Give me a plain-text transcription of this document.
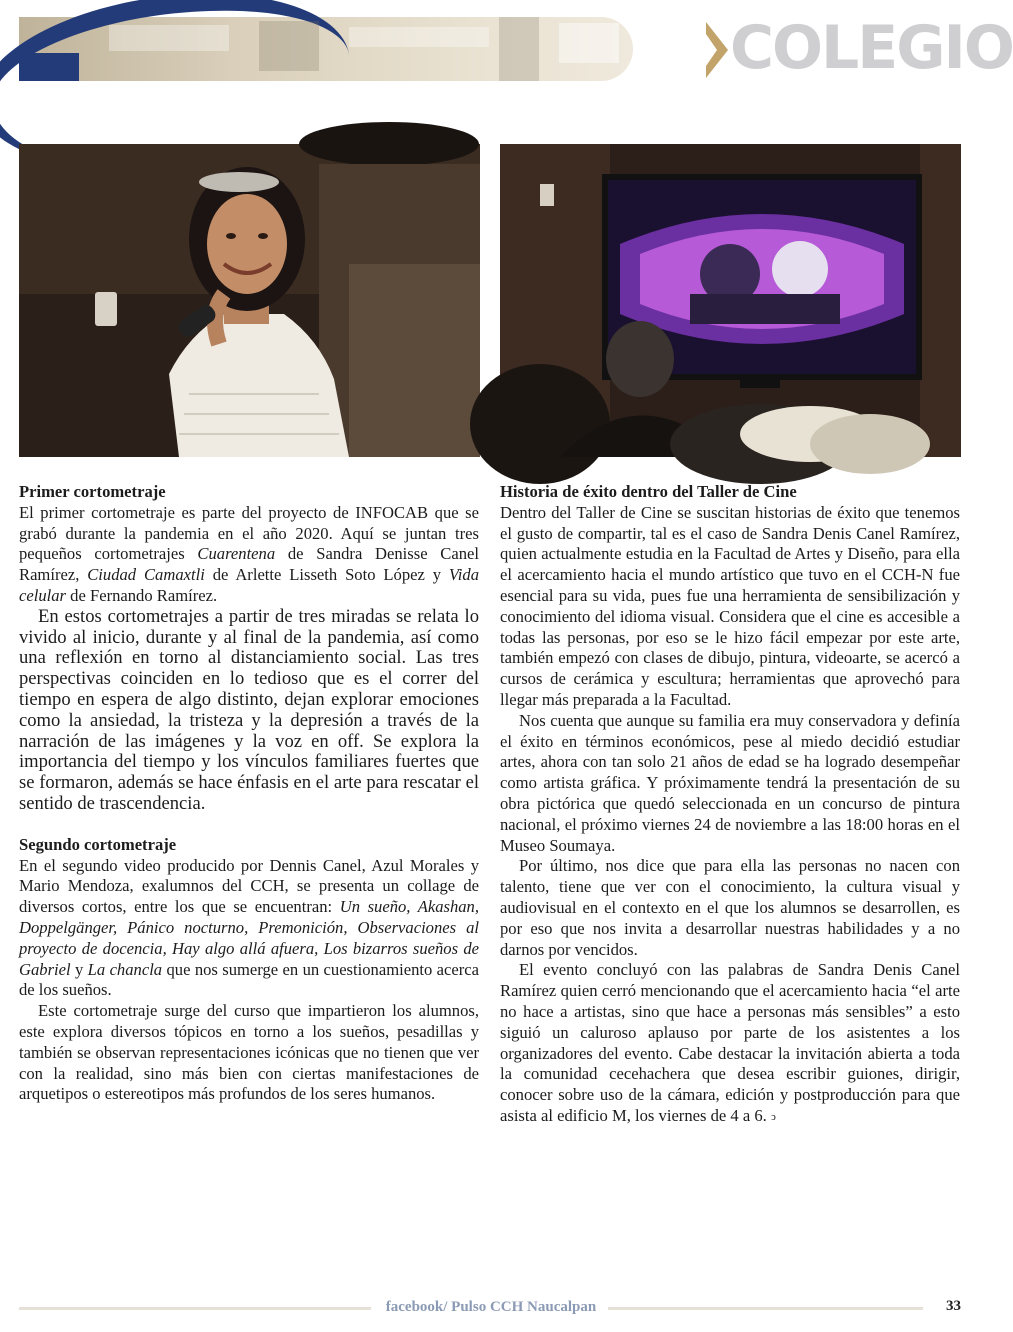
COLEGIO
Primer cortometraje

El primer cortometraje es parte del proyecto de INFOCAB que se grabó durante la pandemia en el año 2020. Aquí se juntan tres pequeños cortometrajes Cuarentena de Sandra Denisse Canel Ramírez, Ciudad Camaxtli de Arlette Lisseth Soto López y Vida celular de Fernando Ramírez.

En estos cortometrajes a partir de tres miradas se relata lo vivido al inicio, durante y al final de la pandemia, así como una reflexión en torno al distanciamiento social. Las tres perspectivas coinciden en lo tedioso que es el correr del tiempo en espera de algo distinto, dejan explorar emociones como la ansiedad, la tristeza y la depresión a través de la narración de las imágenes y la voz en off. Se explora la importancia del tiempo y los vínculos familiares fuertes que se formaron, además se hace énfasis en el arte para rescatar el sentido de trascendencia.

Segundo cortometraje

En el segundo video producido por Dennis Canel, Azul Morales y Mario Mendoza, exalumnos del CCH, se presenta un collage de diversos cortos, entre los que se encuentran: Un sueño, Akashan, Doppelgänger, Pánico nocturno, Premonición, Observaciones al proyecto de docencia, Hay algo allá afuera, Los bizarros sueños de Gabriel y La chancla que nos sumerge en un cuestionamiento acerca de los sueños.

Este cortometraje surge del curso que impartieron los alumnos, este explora diversos tópicos en torno a los sueños, pesadillas y también se observan representaciones icónicas que no tienen que ver con la realidad, sino más bien con ciertas manifestaciones de arquetipos o estereotipos más profundos de los seres humanos.

Historia de éxito dentro del Taller de Cine

Dentro del Taller de Cine se suscitan historias de éxito que tenemos el gusto de compartir, tal es el caso de Sandra Denis Canel Ramírez, quien actualmente estudia en la Facultad de Artes y Diseño, para ella el acercamiento hacia el mundo artístico que tuvo en el CCH-N fue esencial para su vida, pues fue una herramienta de sensibilización y conocimiento del idioma visual. Considera que el cine es accesible a todas las personas, por eso se le hizo fácil empezar por este arte, también empezó con clases de dibujo, pintura, videoarte, se acercó a cursos de cerámica y escultura; herramientas que aprovechó para llegar más preparada a la Facultad.

Nos cuenta que aunque su familia era muy conservadora y definía el éxito en términos económicos, pese al miedo decidió estudiar artes, ahora con tan solo 21 años de edad se ha logrado desempeñar como artista gráfica. Y próximamente tendrá la presentación de su obra pictórica que quedó seleccionada en un concurso de pintura nacional, el próximo viernes 24 de noviembre a las 18:00 horas en el Museo Soumaya.

Por último, nos dice que para ella las personas no nacen con talento, tiene que ver con el conocimiento, la cultura visual y audiovisual en el contexto en el que los alumnos se desarrollen, es por eso que nos invita a desarrollar nuestras habilidades y a no darnos por vencidos.

El evento concluyó con las palabras de Sandra Denis Canel Ramírez quien cerró mencionando que el acercamiento hacia “el arte no hace a artistas, sino que hace a personas más sensibles” a esto siguió un caluroso aplauso por parte de los asistentes a los organizadores del evento. Cabe destacar la invitación abierta a toda la comunidad cecehachera que desea escribir guiones, dirigir, conocer sobre uso de la cámara, edición y postproducción para que asista al edificio M, los viernes de 4 a 6. ↄ

facebook/ Pulso CCH Naucalpan	33
